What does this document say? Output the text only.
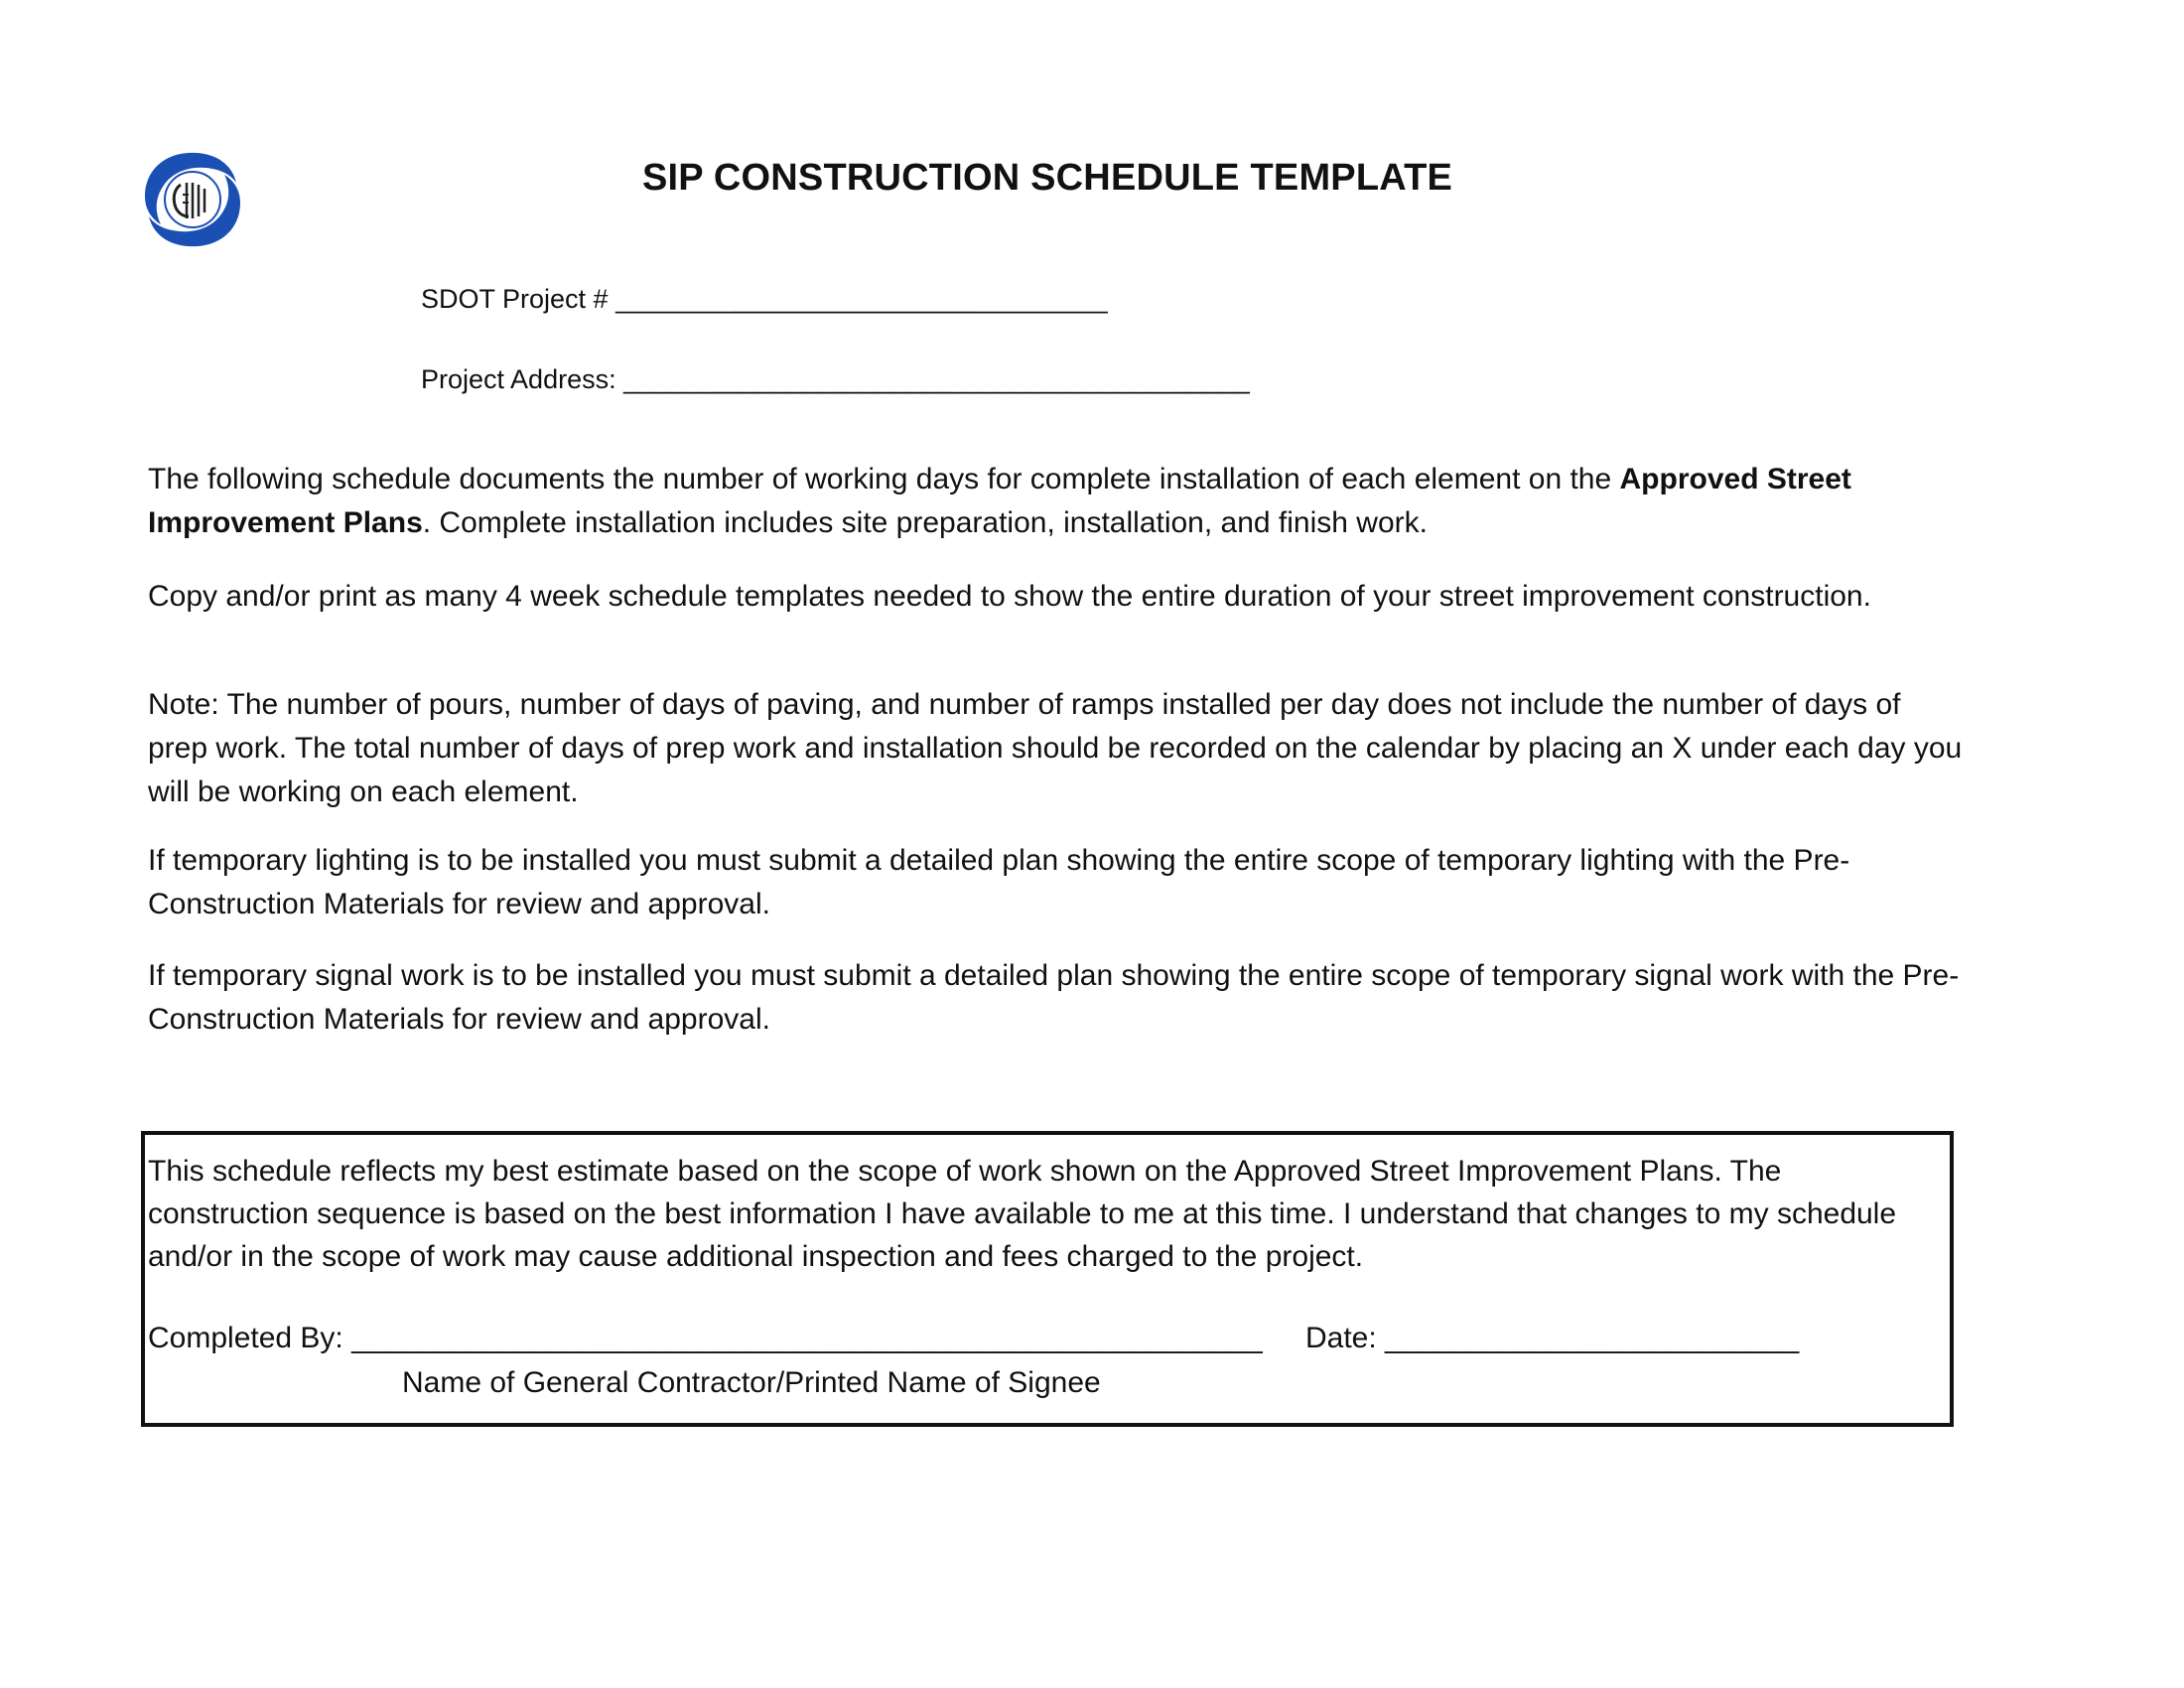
SIP CONSTRUCTION SCHEDULE TEMPLATE
SDOT Project # _________________________________
Project Address: __________________________________________

The following schedule documents the number of working days for complete installation of each element on the Approved Street Improvement Plans. Complete installation includes site preparation, installation, and finish work.

Copy and/or print as many 4 week schedule templates needed to show the entire duration of your street improvement construction.

Note: The number of pours, number of days of paving, and number of ramps installed per day does not include the number of days of prep work. The total number of days of prep work and installation should be recorded on the calendar by placing an X under each day you will be working on each element.

If temporary lighting is to be installed you must submit a detailed plan showing the entire scope of temporary lighting with the Pre-Construction Materials for review and approval.

If temporary signal work is to be installed you must submit a detailed plan showing the entire scope of temporary signal work with the Pre-Construction Materials for review and approval.

This schedule reflects my best estimate based on the scope of work shown on the Approved Street Improvement Plans. The construction sequence is based on the best information I have available to me at this time. I understand that changes to my schedule and/or in the scope of work may cause additional inspection and fees charged to the project.

Completed By: _______________________________________________________ Date: _________________________
Name of General Contractor/Printed Name of Signee
